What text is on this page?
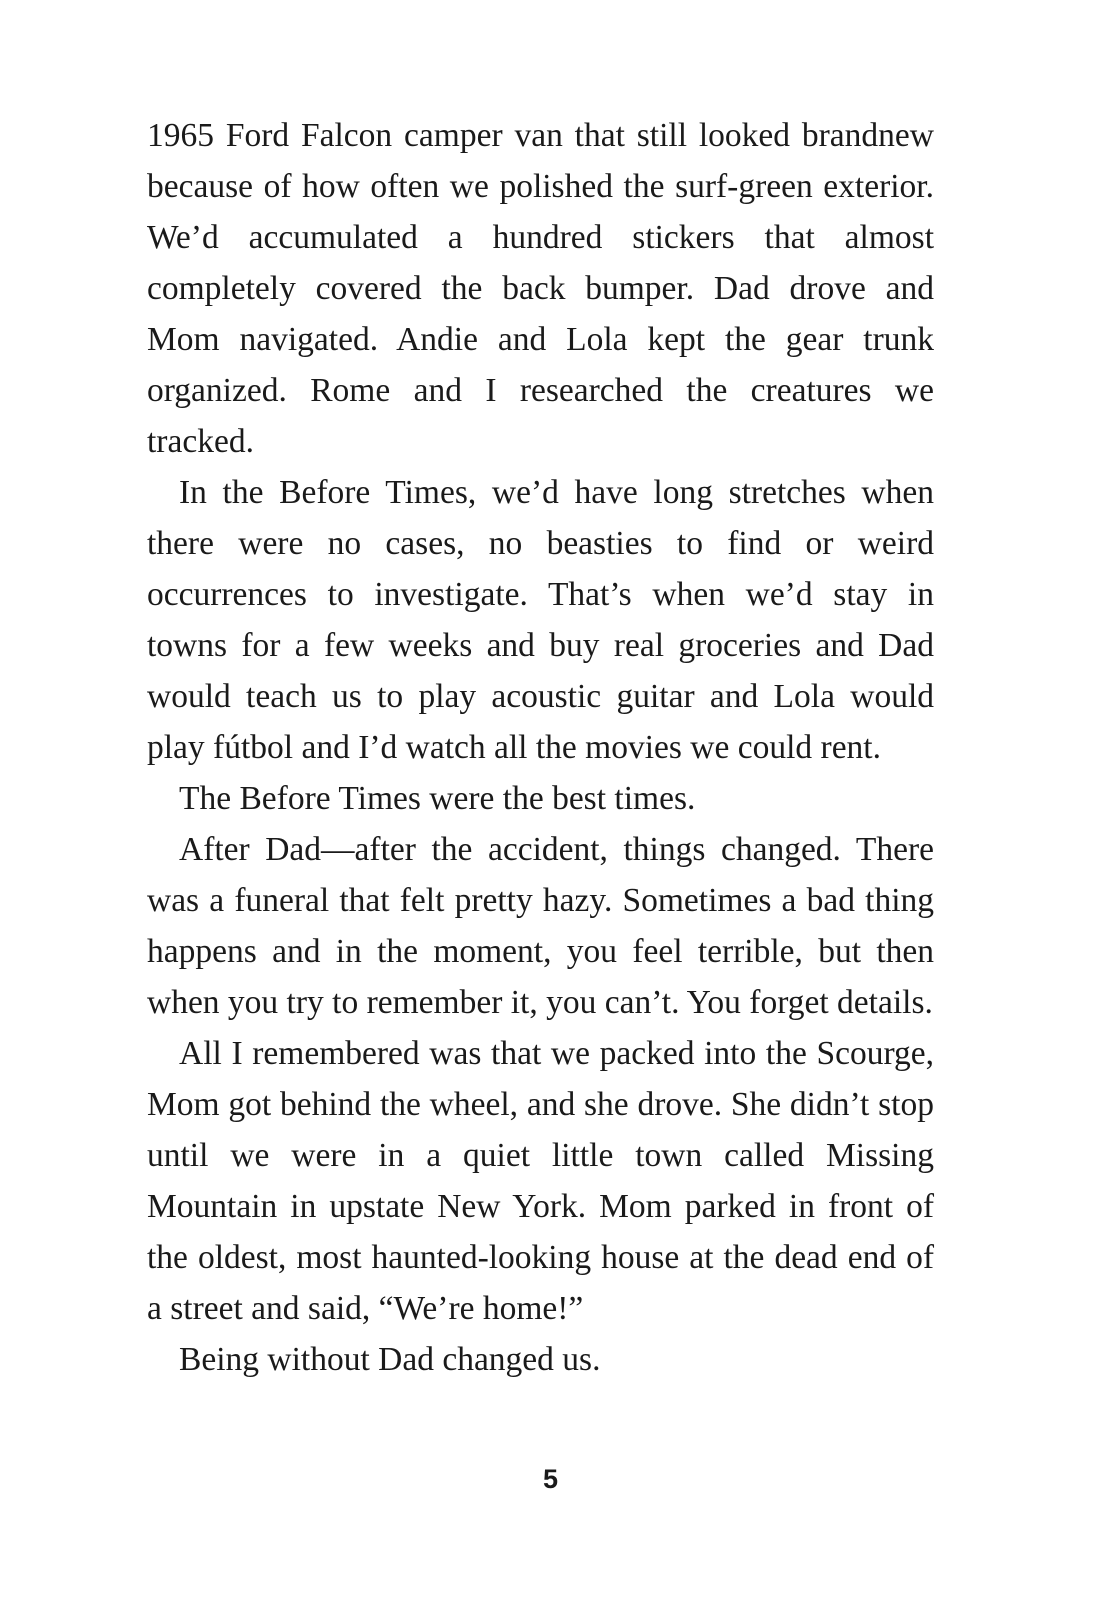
1965 Ford Falcon camper van that still looked brandnew because of how often we polished the surf-green exterior. We’d accumulated a hundred stickers that almost completely covered the back bumper. Dad drove and Mom navigated. Andie and Lola kept the gear trunk organized. Rome and I researched the creatures we tracked.

In the Before Times, we’d have long stretches when there were no cases, no beasties to find or weird occurrences to investigate. That’s when we’d stay in towns for a few weeks and buy real groceries and Dad would teach us to play acoustic guitar and Lola would play fútbol and I’d watch all the movies we could rent.

The Before Times were the best times.

After Dad—after the accident, things changed. There was a funeral that felt pretty hazy. Sometimes a bad thing happens and in the moment, you feel terrible, but then when you try to remember it, you can’t. You forget details.

All I remembered was that we packed into the Scourge, Mom got behind the wheel, and she drove. She didn’t stop until we were in a quiet little town called Missing Mountain in upstate New York. Mom parked in front of the oldest, most haunted-looking house at the dead end of a street and said, “We’re home!”

Being without Dad changed us.

5
